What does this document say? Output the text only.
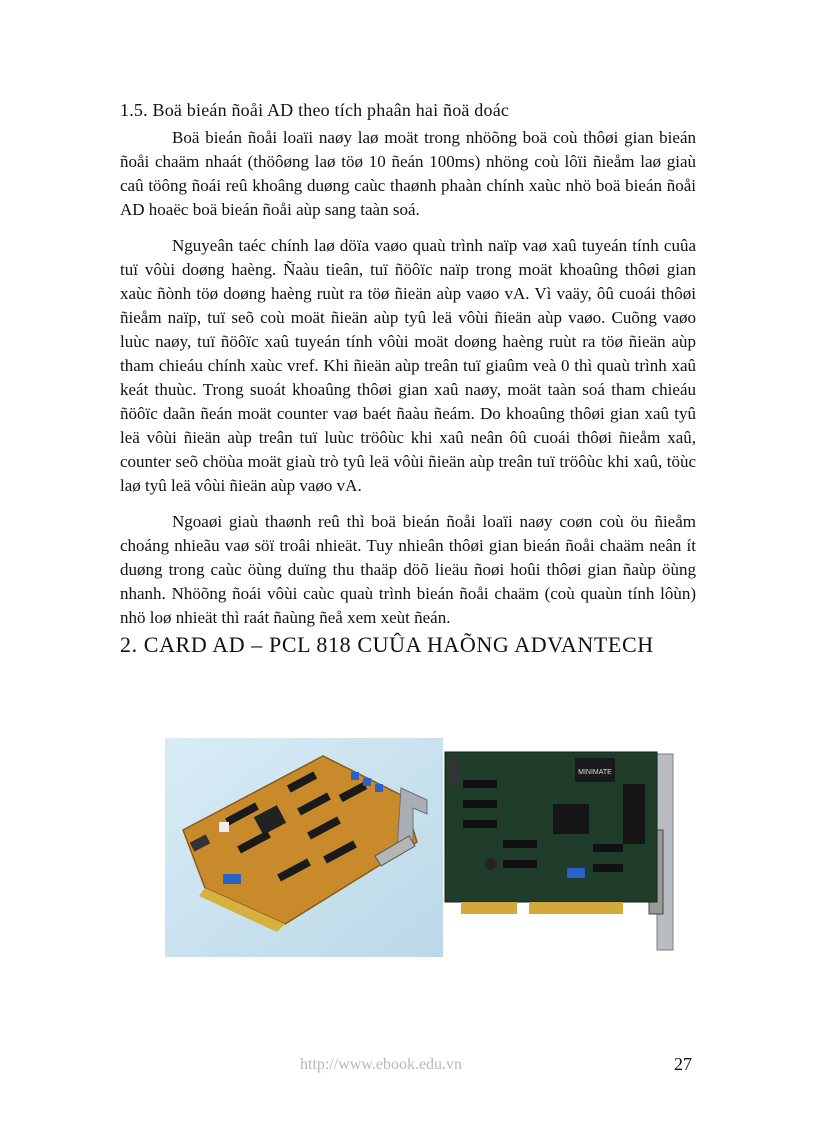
1.5. Boä bieán ñoåi AD theo tích phaân hai ñoä doác

Boä bieán ñoåi loaïi naøy laø moät trong nhöõng boä coù thôøi gian bieán ñoåi chaäm nhaát (thöôøng laø töø 10 ñeán 100ms) nhöng coù lôïi ñieåm laø giaù caû töông ñoái reû khoâng duøng caùc thaønh phaàn chính xaùc nhö boä bieán ñoåi AD hoaëc boä bieán ñoåi aùp sang taàn soá.

Nguyeân taéc chính laø döïa vaøo quaù trình naïp vaø xaû tuyeán tính cuûa tuï vôùi doøng haèng. Ñaàu tieân, tuï ñöôïc naïp trong moät khoaûng thôøi gian xaùc ñònh töø doøng haèng ruùt ra töø ñieän aùp vaøo vA. Vì vaäy, ôû cuoái thôøi ñieåm naïp, tuï seõ coù moät ñieän aùp tyû leä vôùi ñieän aùp vaøo. Cuõng vaøo luùc naøy, tuï ñöôïc xaû tuyeán tính vôùi moät doøng haèng ruùt ra töø ñieän aùp tham chieáu chính xaùc vref. Khi ñieän aùp treân tuï giaûm veà 0 thì quaù trình xaû keát thuùc. Trong suoát khoaûng thôøi gian xaû naøy, moät taàn soá tham chieáu ñöôïc daãn ñeán moät counter vaø baét ñaàu ñeám. Do khoaûng thôøi gian xaû tyû leä vôùi ñieän aùp treân tuï luùc tröôùc khi xaû neân ôû cuoái thôøi ñieåm xaû, counter seõ chöùa moät giaù trò tyû leä vôùi ñieän aùp treân tuï tröôùc khi xaû, töùc laø tyû leä vôùi ñieän aùp vaøo vA.

Ngoaøi giaù thaønh reû thì boä bieán ñoåi loaïi naøy coøn coù öu ñieåm choáng nhieãu vaø söï troâi nhieät. Tuy nhieân thôøi gian bieán ñoåi chaäm neân ít duøng trong caùc öùng duïng thu thaäp döõ lieäu ñoøi hoûi thôøi gian ñaùp öùng nhanh. Nhöõng ñoái vôùi caùc quaù trình bieán ñoåi chaäm (coù quaùn tính lôùn) nhö loø nhieät thì raát ñaùng ñeå xem xeùt ñeán.

2. CARD AD – PCL 818 CUÛA HAÕNG ADVANTECH
MINIMATE
http://www.ebook.edu.vn	27
